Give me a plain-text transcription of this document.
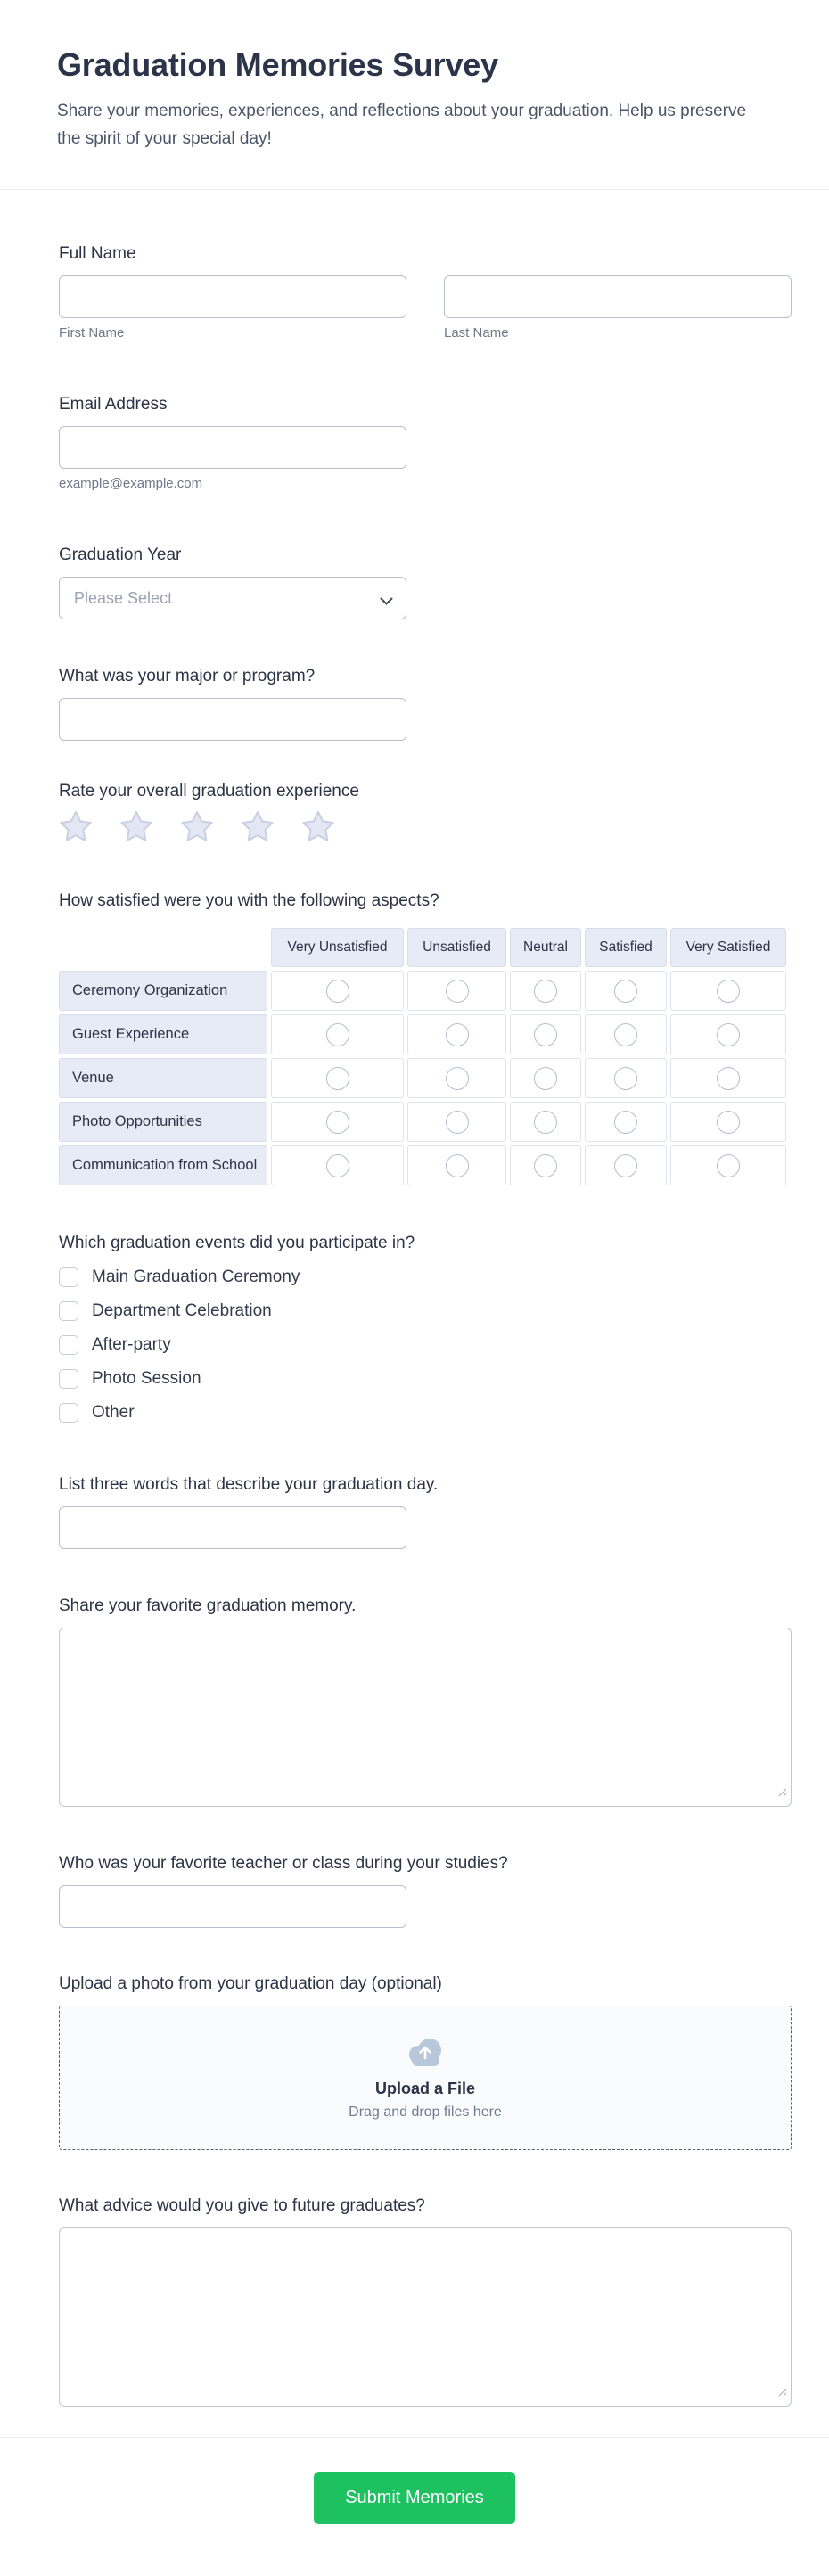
Graduation Memories Survey

Share your memories, experiences, and reflections about your graduation. Help us preserve the spirit of your special day!

Full Name
First Name	Last Name
Email Address
example@example.com
Graduation Year
Please Select
What was your major or program?
Rate your overall graduation experience
How satisfied were you with the following aspects?
	Very Unsatisfied	Unsatisfied	Neutral	Satisfied	Very Satisfied
Ceremony Organization					
Guest Experience					
Venue					
Photo Opportunities					
Communication from School					
Which graduation events did you participate in?
Main Graduation Ceremony
Department Celebration
After-party
Photo Session
Other
List three words that describe your graduation day.
Share your favorite graduation memory.
Who was your favorite teacher or class during your studies?
Upload a photo from your graduation day (optional)
Upload a File
Drag and drop files here
What advice would you give to future graduates?
Submit Memories
